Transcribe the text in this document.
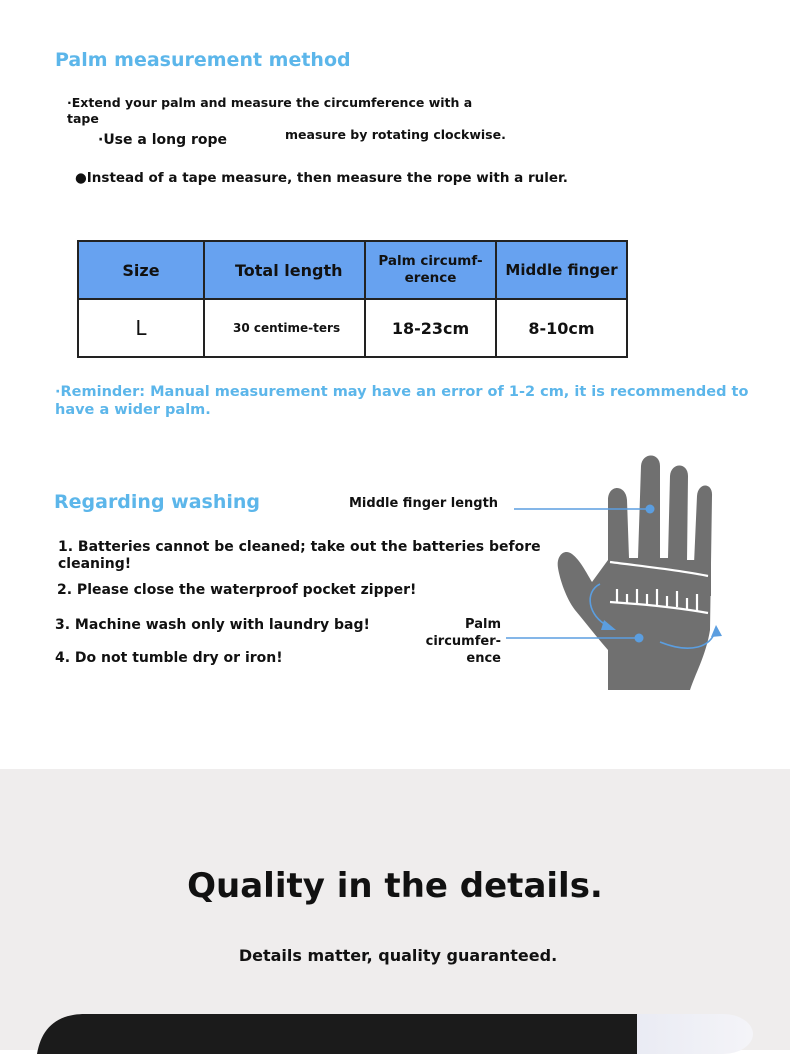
Palm measurement method
·Extend your palm and measure the circumference with a tape
measure by rotating clockwise.
·Use a long rope
●Instead of a tape measure, then measure the rope with a ruler.
Size	Total length	Palm circumf-erence	Middle finger
L	30 centime-ters	18-23cm	8-10cm
·Reminder: Manual measurement may have an error of 1-2 cm, it is recommended to have a wider palm.
Regarding washing
1. Batteries cannot be cleaned; take out the batteries before cleaning!
2. Please close the waterproof pocket zipper!
3. Machine wash only with laundry bag!
4. Do not tumble dry or iron!
Middle finger length
Palm circumfer-ence
Quality in the details.
Details matter, quality guaranteed.
